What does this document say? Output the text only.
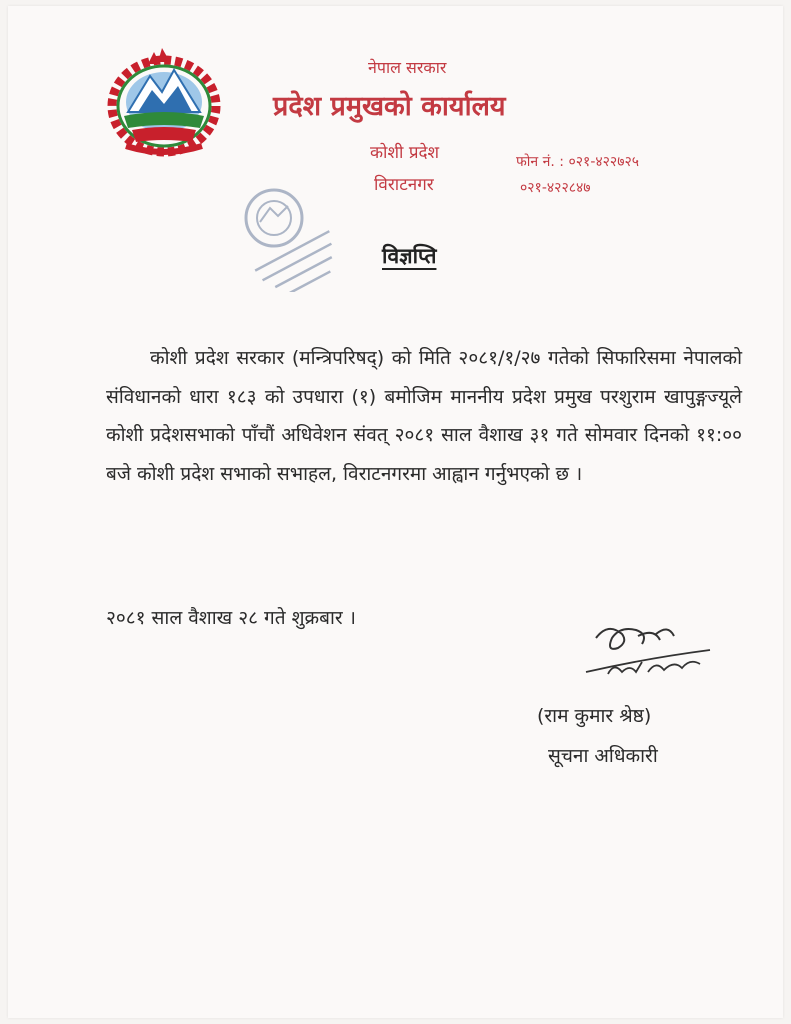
नेपाल सरकार
प्रदेश प्रमुखको कार्यालय
कोशी प्रदेश
विराटनगर
फोन नं. : ०२१-४२२७२५
०२१-४२२८४७
विज्ञप्ति
कोशी प्रदेश सरकार (मन्त्रिपरिषद्) को मिति २०८१/१/२७ गतेको सिफारिसमा नेपालको संविधानको धारा १८३ को उपधारा (१) बमोजिम माननीय प्रदेश प्रमुख परशुराम खापुङ्गज्यूले कोशी प्रदेशसभाको पाँचौं अधिवेशन संवत् २०८१ साल वैशाख ३१ गते सोमवार दिनको ११:०० बजे कोशी प्रदेश सभाको सभाहल, विराटनगरमा आह्वान गर्नुभएको छ ।
२०८१ साल वैशाख २८ गते शुक्रबार ।
(राम कुमार श्रेष्ठ)
सूचना अधिकारी
